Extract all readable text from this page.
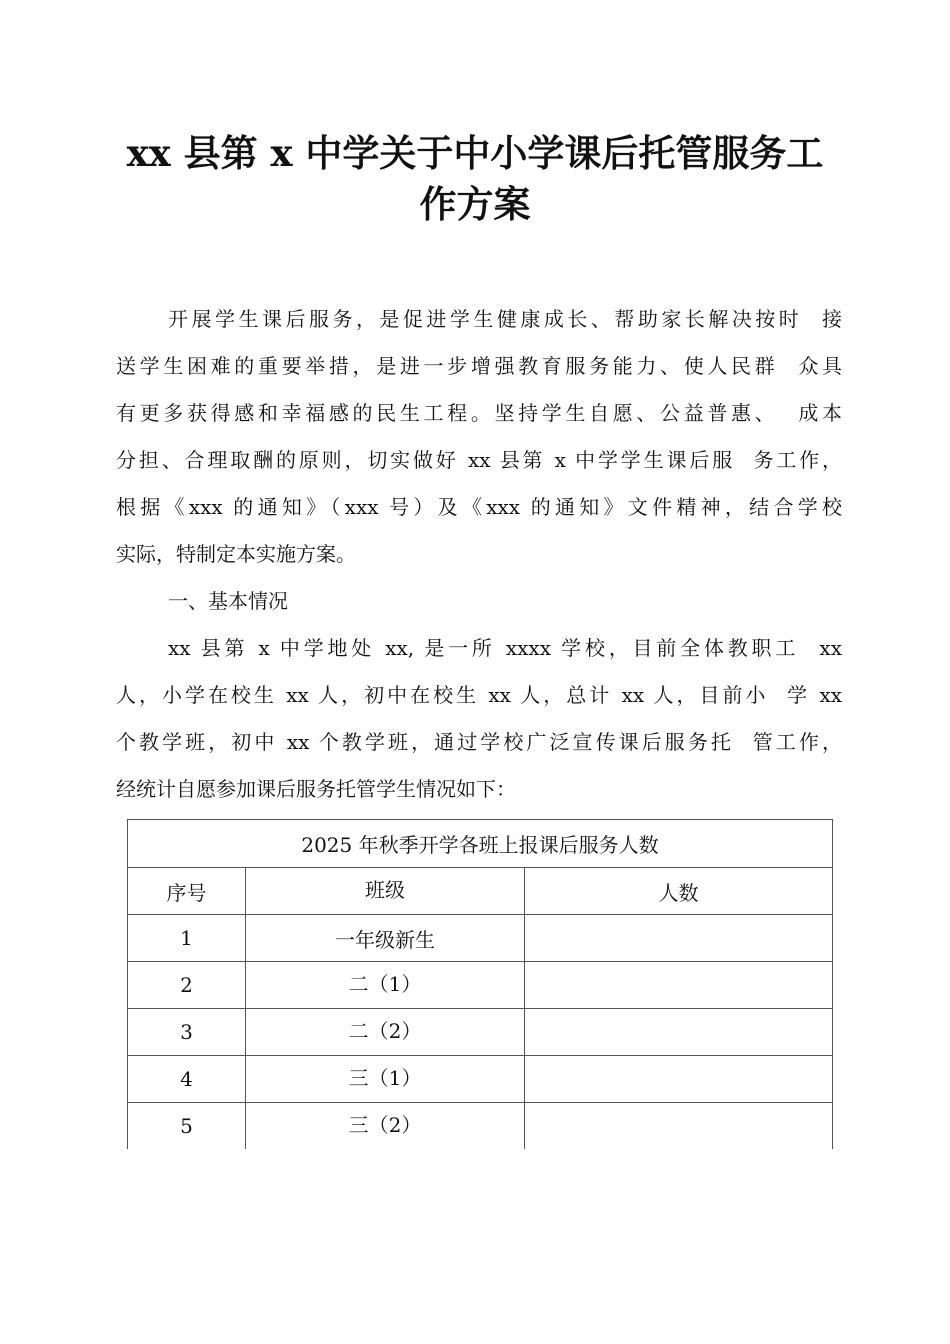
xx 县第 x 中学关于中小学课后托管服务工
作方案
开展学生课后服务，是促进学生健康成长、帮助家长解决按时  接
送学生困难的重要举措，是进一步增强教育服务能力、使人民群  众具
有更多获得感和幸福感的民生工程。坚持学生自愿、公益普惠、  成本
分担、合理取酬的原则，切实做好 xx 县第 x 中学学生课后服  务工作，
根据《xxx 的通知》（xxx 号）及《xxx 的通知》文件精神，结合学校
实际，特制定本实施方案。
一、基本情况
xx 县第 x 中学地处 xx, 是一所 xxxx 学校，目前全体教职工  xx
人，小学在校生 xx 人，初中在校生 xx 人，总计 xx 人，目前小  学 xx
个教学班，初中 xx 个教学班，通过学校广泛宣传课后服务托  管工作，
经统计自愿参加课后服务托管学生情况如下：
2025 年秋季开学各班上报课后服务人数		
序号	班级	人数
1	一年级新生	
2	二（1）	
3	二（2）	
4	三（1）	
5	三（2）	
